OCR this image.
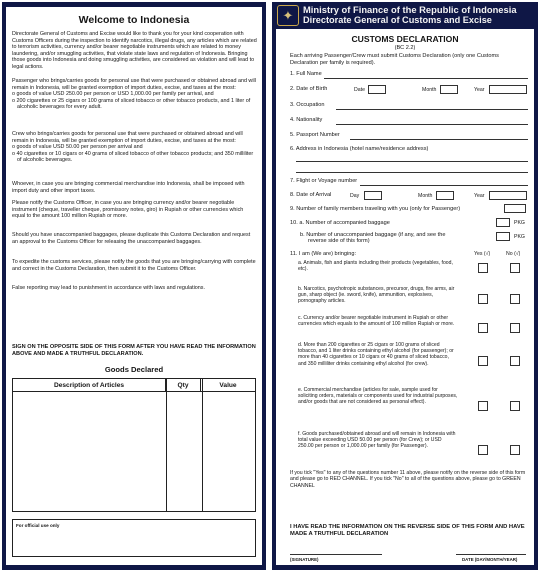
Welcome to Indonesia
Directorate General of Customs and Excise would like to thank you for your kind cooperation with Customs Officers during the inspection to identify narcotics, illegal drugs, any articles which are related to terrorism activities, currency and/or bearer negotiable instruments which are related to money laundering, and/or smuggling activities, that violate state laws and regulation of Indonesia. Bringing those goods into Indonesia and doing smuggling activities, are considered as violation and will lead to legal actions.
Passenger who brings/carries goods for personal use that were purchased or obtained abroad and will remain in Indonesia, will be granted exemption of import duties, excise, and taxes at the most:
o goods of value USD 250.00 per person or USD 1,000.00 per family per arrival, and
o 200 cigarettes or 25 cigars or 100 grams of sliced tobacco or other tobacco products, and 1 liter of alcoholic beverages for every adult.
Crew who brings/carries goods for personal use that were purchased or obtained abroad and will remain in Indonesia, will be granted exemption of import duties, excise, and taxes at the most:
o goods of value USD 50.00 per person per arrival and
o 40 cigarettes or 10 cigars or 40 grams of sliced tobacco of other tobacco products; and 350 milliliter of alcoholic beverages.
Whoever, in case you are bringing commercial merchandise into Indonesia, shall be imposed with import duty and other import taxes.
Please notify the Customs Officer, in case you are bringing currency and/or bearer negotiable instrument (cheque, traveller cheque, promissory notes, giro) in Rupiah or other currencies which equal to the amount 100 million Rupiah or more.
Should you have unaccompanied baggages, please duplicate this Customs Declaration and request an approval to the Customs Officer for releasing the unaccompanied baggages.
To expedite the customs services, please notify the goods that you are bringing/carrying with complete and correct in the Customs Declaration, then submit it to the Customs Officer.
False reporting may lead to punishment in accordance with laws and regulations.
SIGN ON THE OPPOSITE SIDE OF THIS FORM AFTER YOU HAVE READ THE INFORMATION ABOVE AND MADE A TRUTHFUL DECLARATION.
Goods Declared
Description of Articles	Qty	Value
For official use only
✦	Ministry of Finance of the Republic of Indonesia
Directorate General of Customs and Excise
CUSTOMS DECLARATION
(BC 2.2)
Each arriving Passenger/Crew must submit Customs Declaration (only one Customs Declaration per family is required).
1. Full Name
2. Date of Birth	Date	Month	Year
3. Occupation
4. Nationality
5. Passport Number
6. Address in Indonesia (hotel name/residence address)
7. Flight or Voyage number
8. Date of Arrival	Day	Month	Year
9. Number of family members traveling with you (only for Passenger)
10. a. Number of accompanied baggage	PKG
b. Number of unaccompanied baggage (if any, and see the
reverse side of this form)
PKG
11. I am (We are) bringing:	Yes (√)	No (√)
a. Animals, fish and plants including their products (vegetables, food, etc).
b. Narcotics, psychotropic substances, precursor, drugs, fire arms, air gun, sharp object (ie. sword, knife), ammunition, explosives, pornography articles.
c. Currency and/or bearer negotiable instrument in Rupiah or other currencies which equals to the amount of 100 million Rupiah or more.
d. More than 200 cigarettes or 25 cigars or 100 grams of sliced tobacco, and 1 liter drinks containing ethyl alcohol (for passenger); or more than 40 cigarettes or 10 cigars or 40 grams of sliced tobacco, and 350 milliliter drinks containing ethyl alcohol (for crew).
e. Commercial merchandise (articles for sale, sample used for soliciting orders, materials or components used for industrial purposes, and/or goods that are not considered as personal effect).
f. Goods purchased/obtained abroad and will remain in Indonesia with total value exceeding USD 50.00 per person (for Crew); or USD 250.00 per person or 1,000.00 per family (for Passenger).
If you tick "Yes" to any of the questions number 11 above, please notify on the reverse side of this form and please go to RED CHANNEL. If you tick "No" to all of the questions above, please go to GREEN CHANNEL
I HAVE READ THE INFORMATION ON THE REVERSE SIDE OF THIS FORM AND HAVE MADE A TRUTHFUL DECLARATION
(SIGNATURE)	DATE (DAY/MONTH/YEAR)
